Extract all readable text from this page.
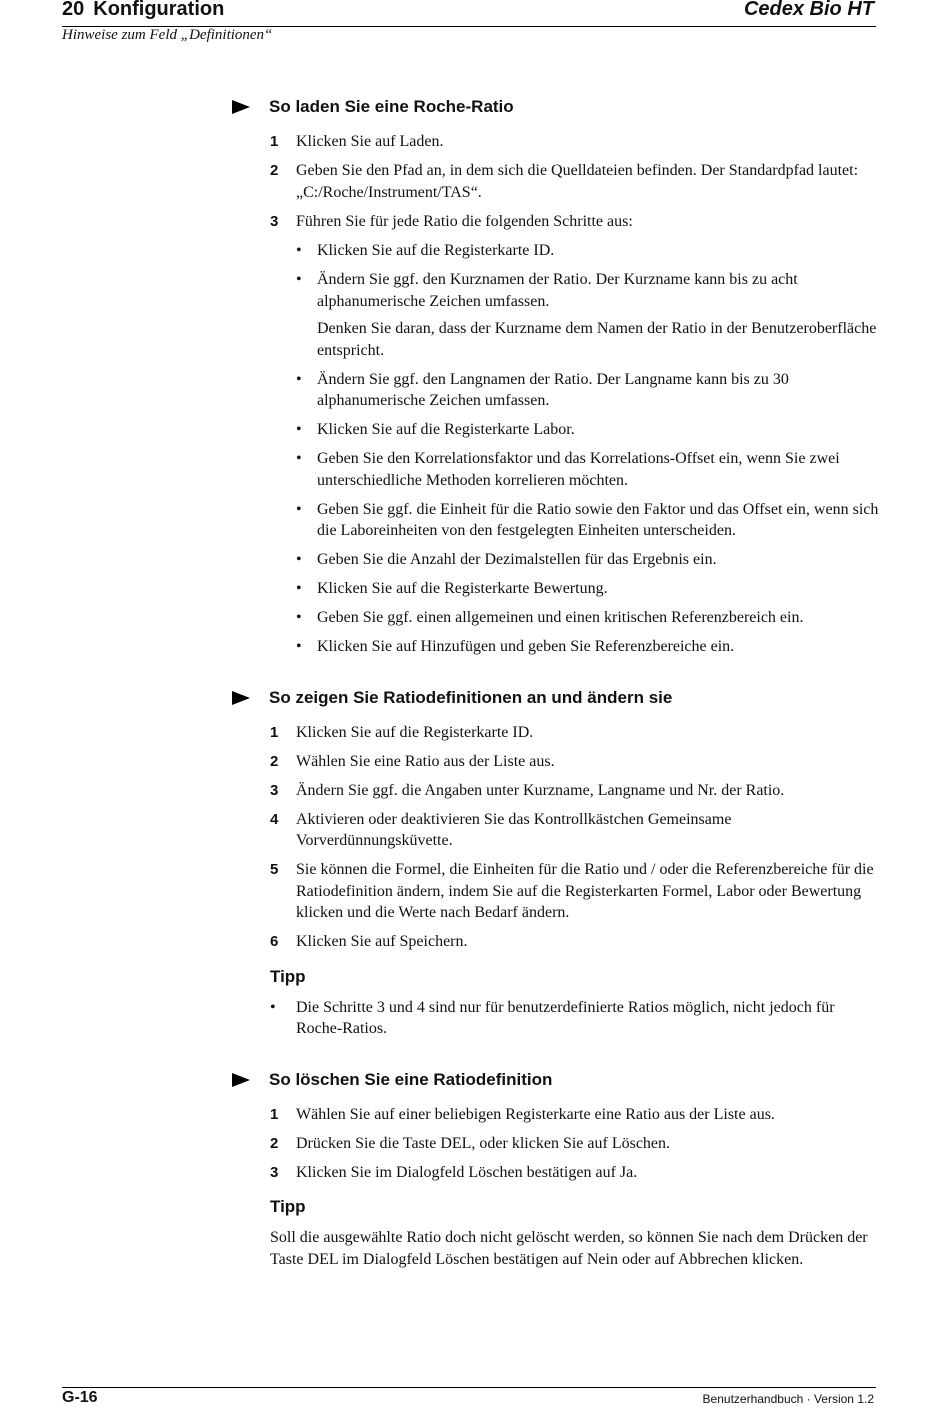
20 Konfiguration	Cedex Bio HT
Hinweise zum Feld „Definitionen“
So laden Sie eine Roche-Ratio
1 Klicken Sie auf Laden.
2 Geben Sie den Pfad an, in dem sich die Quelldateien befinden. Der Standardpfad lautet: „C:/Roche/Instrument/TAS“.
3 Führen Sie für jede Ratio die folgenden Schritte aus:
• Klicken Sie auf die Registerkarte ID.
• Ändern Sie ggf. den Kurznamen der Ratio. Der Kurzname kann bis zu acht alphanumerische Zeichen umfassen.
Denken Sie daran, dass der Kurzname dem Namen der Ratio in der Benutzeroberfläche entspricht.
• Ändern Sie ggf. den Langnamen der Ratio. Der Langname kann bis zu 30 alphanumerische Zeichen umfassen.
• Klicken Sie auf die Registerkarte Labor.
• Geben Sie den Korrelationsfaktor und das Korrelations-Offset ein, wenn Sie zwei unterschiedliche Methoden korrelieren möchten.
• Geben Sie ggf. die Einheit für die Ratio sowie den Faktor und das Offset ein, wenn sich die Laboreinheiten von den festgelegten Einheiten unterscheiden.
• Geben Sie die Anzahl der Dezimalstellen für das Ergebnis ein.
• Klicken Sie auf die Registerkarte Bewertung.
• Geben Sie ggf. einen allgemeinen und einen kritischen Referenzbereich ein.
• Klicken Sie auf Hinzufügen und geben Sie Referenzbereiche ein.
So zeigen Sie Ratiodefinitionen an und ändern sie
1 Klicken Sie auf die Registerkarte ID.
2 Wählen Sie eine Ratio aus der Liste aus.
3 Ändern Sie ggf. die Angaben unter Kurzname, Langname und Nr. der Ratio.
4 Aktivieren oder deaktivieren Sie das Kontrollkästchen Gemeinsame Vorverdünnungsküvette.
5 Sie können die Formel, die Einheiten für die Ratio und / oder die Referenzbereiche für die Ratiodefinition ändern, indem Sie auf die Registerkarten Formel, Labor oder Bewertung klicken und die Werte nach Bedarf ändern.
6 Klicken Sie auf Speichern.
Tipp
• Die Schritte 3 und 4 sind nur für benutzerdefinierte Ratios möglich, nicht jedoch für Roche-Ratios.
So löschen Sie eine Ratiodefinition
1 Wählen Sie auf einer beliebigen Registerkarte eine Ratio aus der Liste aus.
2 Drücken Sie die Taste DEL, oder klicken Sie auf Löschen.
3 Klicken Sie im Dialogfeld Löschen bestätigen auf Ja.
Tipp
Soll die ausgewählte Ratio doch nicht gelöscht werden, so können Sie nach dem Drücken der Taste DEL im Dialogfeld Löschen bestätigen auf Nein oder auf Abbrechen klicken.
G-16	Benutzerhandbuch · Version 1.2
